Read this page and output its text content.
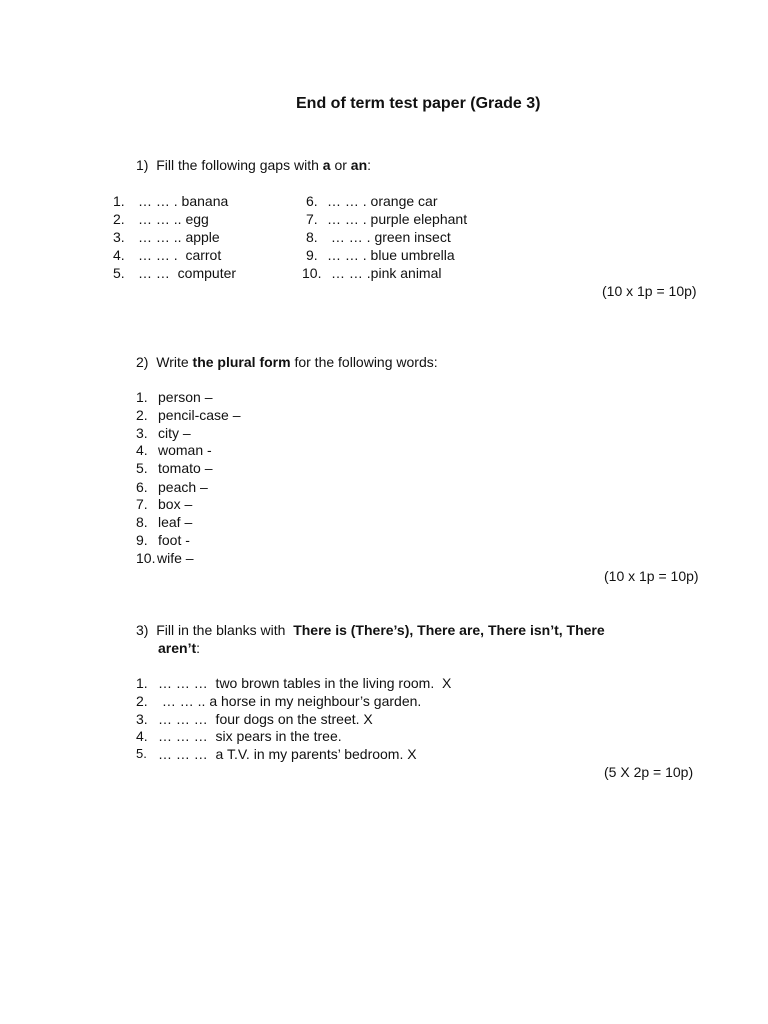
End of term test paper (Grade 3)
1) Fill the following gaps with a or an:
1. … … . banana
2. … … .. egg
3. … … .. apple
4. … … .  carrot
5. … …  computer
6. … … . orange car
7. … … . purple elephant
8. … … . green insect
9. … … . blue umbrella
10. … … .pink animal
(10 x 1p = 10p)
2) Write the plural form for the following words:
1. person –
2. pencil-case –
3. city –
4. woman -
5. tomato –
6. peach –
7. box –
8. leaf –
9. foot -
10. wife –
(10 x 1p = 10p)
3) Fill in the blanks with  There is (There’s), There are, There isn’t, There
aren’t:
1. … … …  two brown tables in the living room.  X
2. … … .. a horse in my neighbour’s garden.
3. … … …  four dogs on the street. X
4. … … …  six pears in the tree.
5. … … …  a T.V. in my parents’ bedroom. X
(5 X 2p = 10p)
